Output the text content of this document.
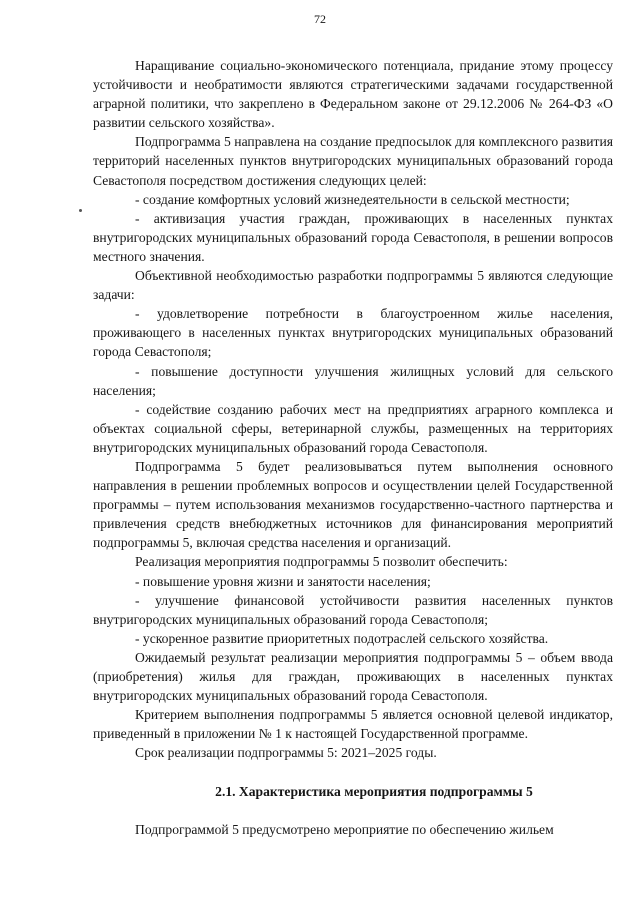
72

Наращивание социально-экономического потенциала, придание этому процессу устойчивости и необратимости являются стратегическими задачами государственной аграрной политики, что закреплено в Федеральном законе от 29.12.2006 № 264-ФЗ «О развитии сельского хозяйства».

Подпрограмма 5 направлена на создание предпосылок для комплексного развития территорий населенных пунктов внутригородских муниципальных образований города Севастополя посредством достижения следующих целей:

- создание комфортных условий жизнедеятельности в сельской местности;

- активизация участия граждан, проживающих в населенных пунктах внутригородских муниципальных образований города Севастополя, в решении вопросов местного значения.

Объективной необходимостью разработки подпрограммы 5 являются следующие задачи:

- удовлетворение потребности в благоустроенном жилье населения, проживающего в населенных пунктах внутригородских муниципальных образований города Севастополя;

- повышение доступности улучшения жилищных условий для сельского населения;

- содействие созданию рабочих мест на предприятиях аграрного комплекса и объектах социальной сферы, ветеринарной службы, размещенных на территориях внутригородских муниципальных образований города Севастополя.

Подпрограмма 5 будет реализовываться путем выполнения основного направления в решении проблемных вопросов и осуществлении целей Государственной программы – путем использования механизмов государственно-частного партнерства и привлечения средств внебюджетных источников для финансирования мероприятий подпрограммы 5, включая средства населения и организаций.

Реализация мероприятия подпрограммы 5 позволит обеспечить:

- повышение уровня жизни и занятости населения;

- улучшение финансовой устойчивости развития населенных пунктов внутригородских муниципальных образований города Севастополя;

- ускоренное развитие приоритетных подотраслей сельского хозяйства.

Ожидаемый результат реализации мероприятия подпрограммы 5 – объем ввода (приобретения) жилья для граждан, проживающих в населенных пунктах внутригородских муниципальных образований города Севастополя.

Критерием выполнения подпрограммы 5 является основной целевой индикатор, приведенный в приложении № 1 к настоящей Государственной программе.

Срок реализации подпрограммы 5: 2021–2025 годы.

2.1. Характеристика мероприятия подпрограммы 5

Подпрограммой 5 предусмотрено мероприятие по обеспечению жильем
